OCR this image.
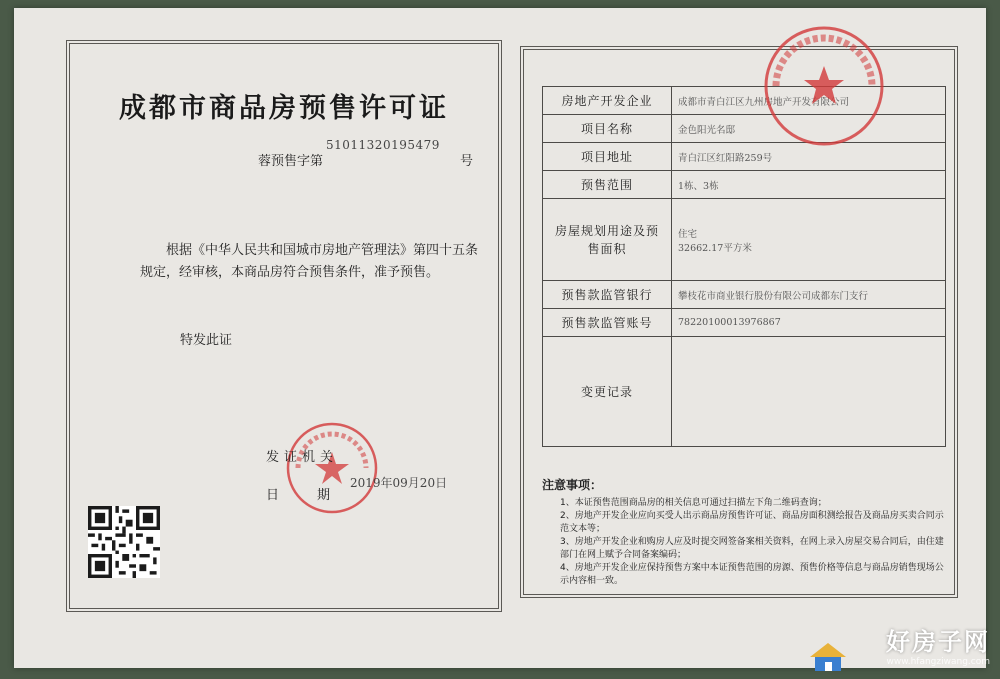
成都市商品房预售许可证
蓉预售字第
51011320195479
号
根据《中华人民共和国城市房地产管理法》第四十五条
规定，经审核，本商品房符合预售条件，准予预售。
特发此证
发证机关
日	期
2019年09月20日
房地产开发企业	成都市青白江区九州房地产开发有限公司
项目名称	金色阳光名邸
项目地址	青白江区红阳路259号
预售范围	1栋、3栋
房屋规划用途及预售面积	住宅
32662.17平方米

预售款监管银行	攀枝花市商业银行股份有限公司成都东门支行
预售款监管账号	78220100013976867
变更记录	
注意事项：
1、本证预售范围商品房的相关信息可通过扫描左下角二维码查询；
2、房地产开发企业应向买受人出示商品房预售许可证、商品房面积测绘报告及商品房买卖合同示范文本等；
3、房地产开发企业和购房人应及时提交网签备案相关资料，在网上录入房屋交易合同后，由住建部门在网上赋予合同备案编码；
4、房地产开发企业应保持预售方案中本证预售范围的房源、预售价格等信息与商品房销售现场公示内容相一致。
好房子网
www.hfangziwang.com
